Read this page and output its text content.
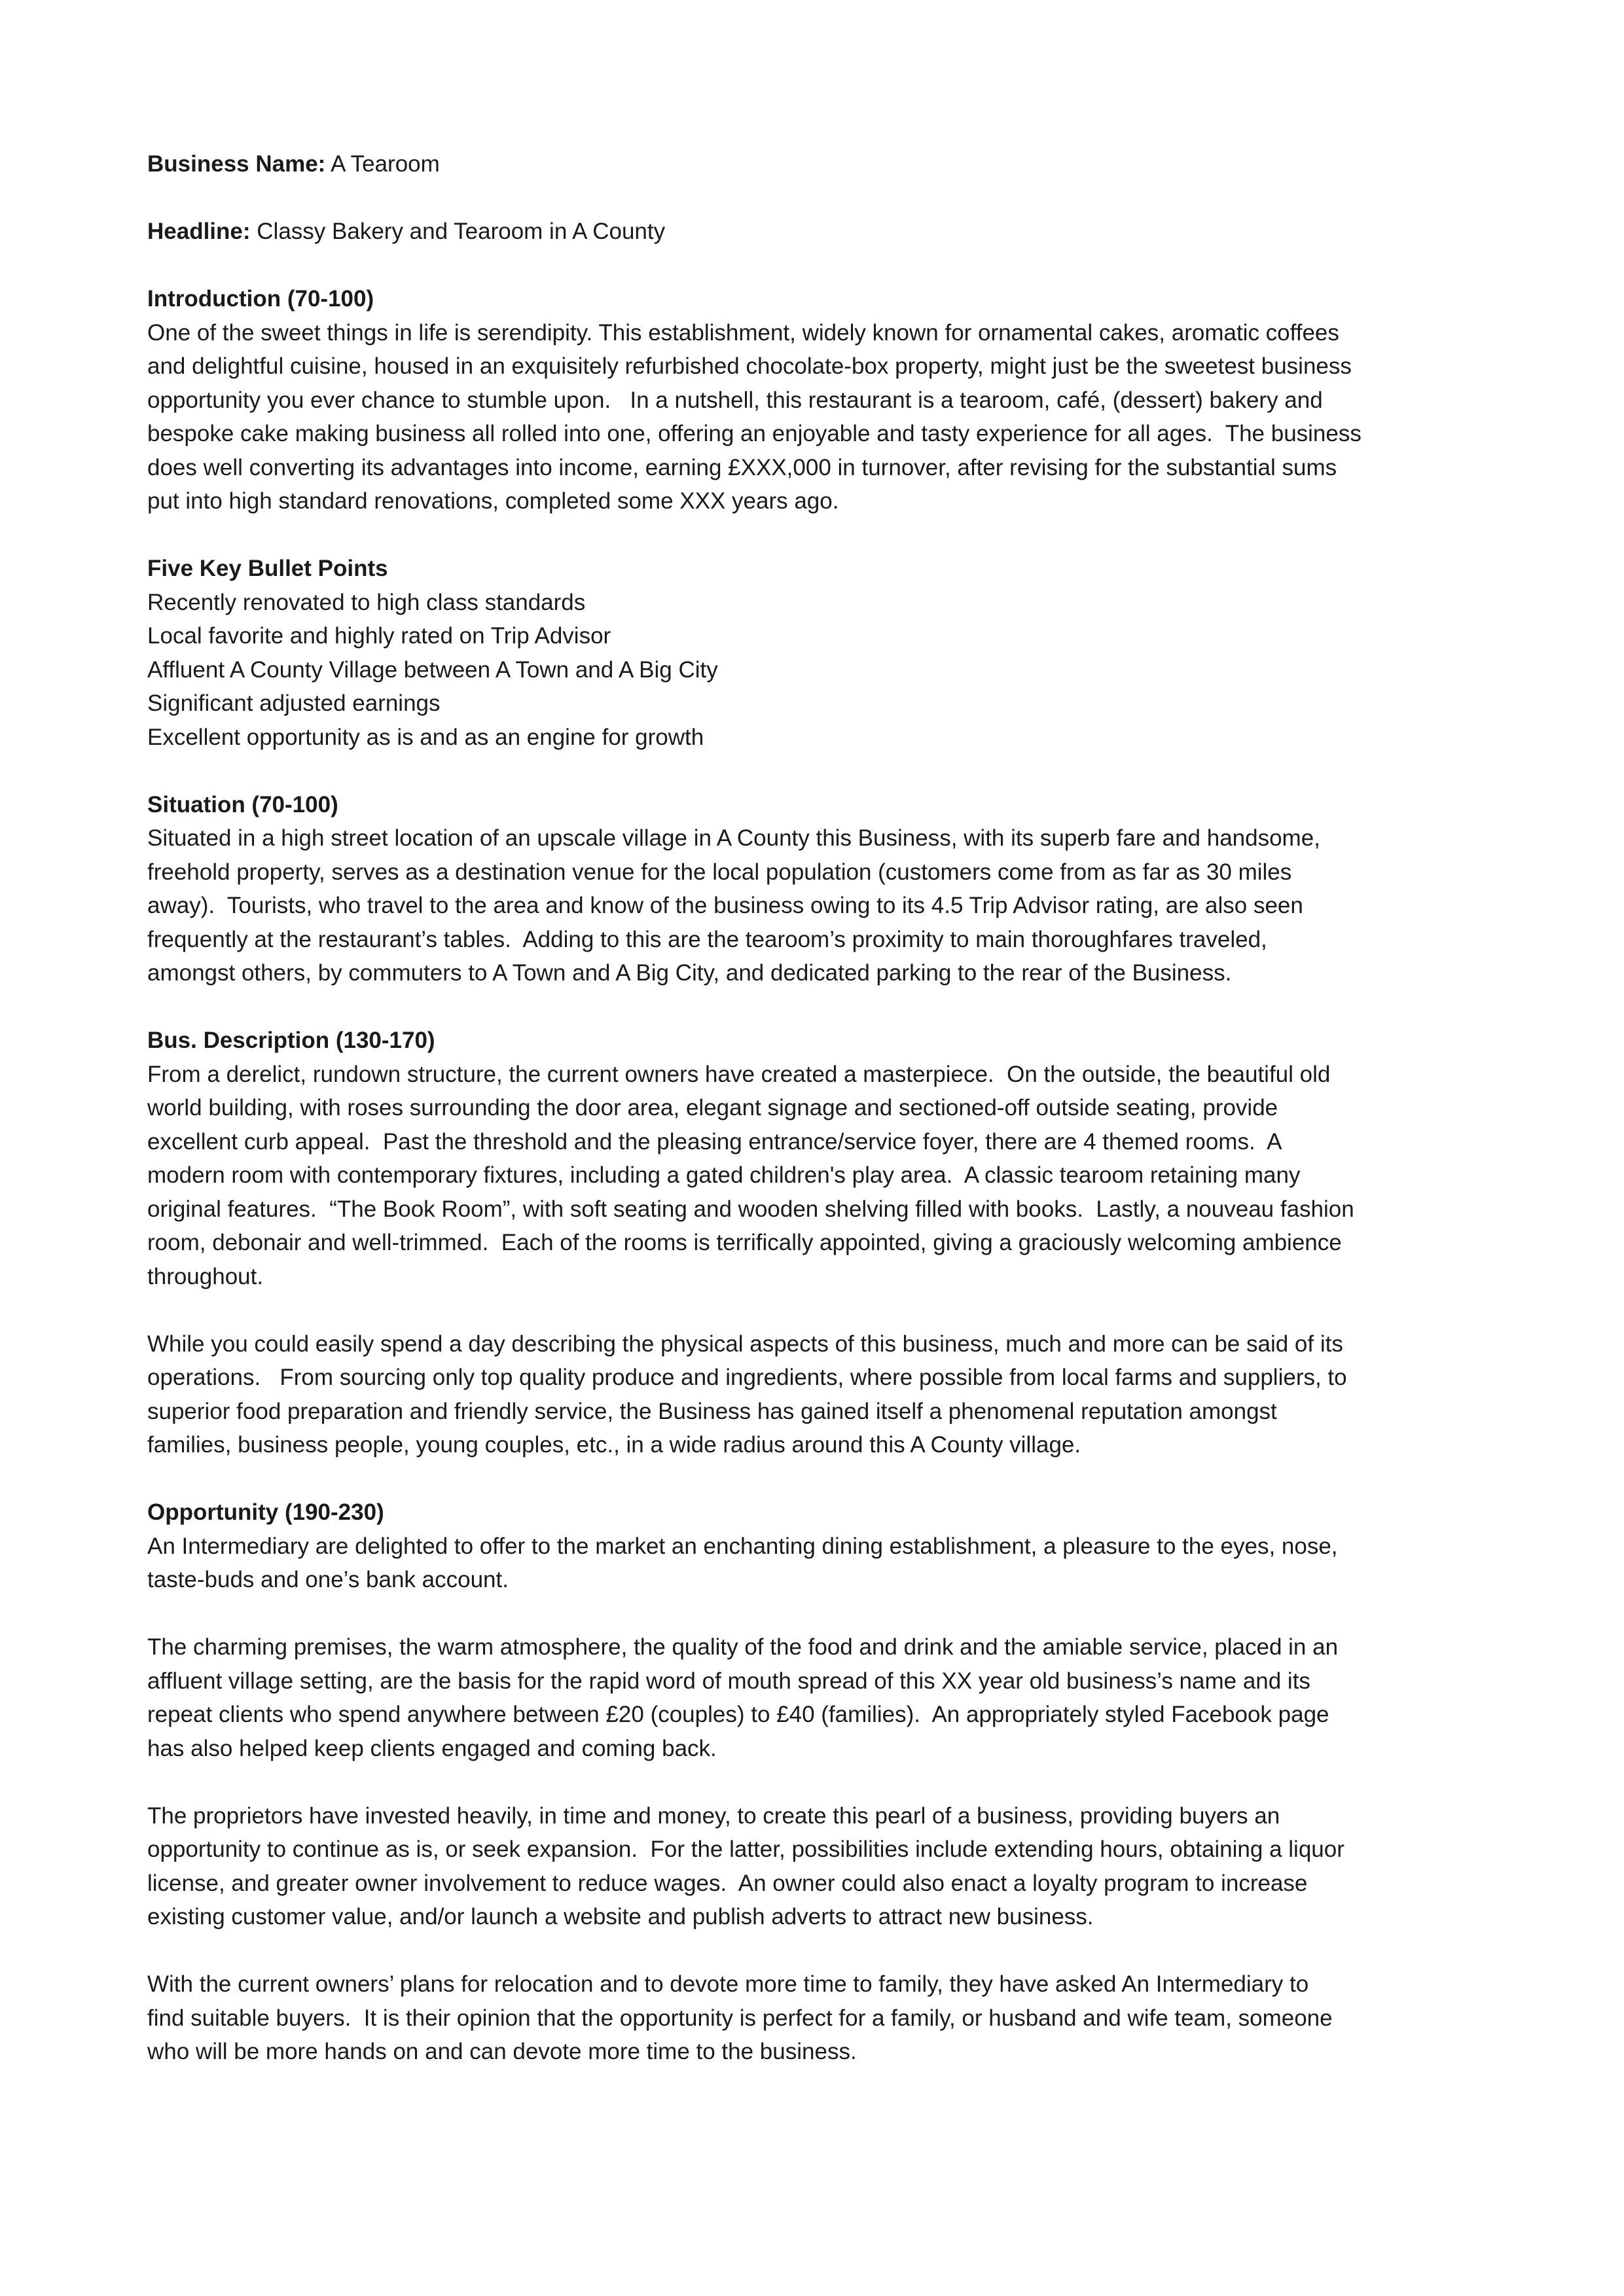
Business Name: A Tearoom

Headline: Classy Bakery and Tearoom in A County

Introduction (70-100)

One of the sweet things in life is serendipity. This establishment, widely known for ornamental cakes, aromatic coffees

and delightful cuisine, housed in an exquisitely refurbished chocolate-box property, might just be the sweetest business

opportunity you ever chance to stumble upon.   In a nutshell, this restaurant is a tearoom, café, (dessert) bakery and

bespoke cake making business all rolled into one, offering an enjoyable and tasty experience for all ages.  The business

does well converting its advantages into income, earning £XXX,000 in turnover, after revising for the substantial sums

put into high standard renovations, completed some XXX years ago.

Five Key Bullet Points

Recently renovated to high class standards

Local favorite and highly rated on Trip Advisor

Affluent A County Village between A Town and A Big City

Significant adjusted earnings

Excellent opportunity as is and as an engine for growth

Situation (70-100)

Situated in a high street location of an upscale village in A County this Business, with its superb fare and handsome,

freehold property, serves as a destination venue for the local population (customers come from as far as 30 miles

away).  Tourists, who travel to the area and know of the business owing to its 4.5 Trip Advisor rating, are also seen

frequently at the restaurant’s tables.  Adding to this are the tearoom’s proximity to main thoroughfares traveled,

amongst others, by commuters to A Town and A Big City, and dedicated parking to the rear of the Business.

Bus. Description (130-170)

From a derelict, rundown structure, the current owners have created a masterpiece.  On the outside, the beautiful old

world building, with roses surrounding the door area, elegant signage and sectioned-off outside seating, provide

excellent curb appeal.  Past the threshold and the pleasing entrance/service foyer, there are 4 themed rooms.  A

modern room with contemporary fixtures, including a gated children's play area.  A classic tearoom retaining many

original features.  “The Book Room”, with soft seating and wooden shelving filled with books.  Lastly, a nouveau fashion

room, debonair and well-trimmed.  Each of the rooms is terrifically appointed, giving a graciously welcoming ambience

throughout.

While you could easily spend a day describing the physical aspects of this business, much and more can be said of its

operations.   From sourcing only top quality produce and ingredients, where possible from local farms and suppliers, to

superior food preparation and friendly service, the Business has gained itself a phenomenal reputation amongst

families, business people, young couples, etc., in a wide radius around this A County village.

Opportunity (190-230)

An Intermediary are delighted to offer to the market an enchanting dining establishment, a pleasure to the eyes, nose,

taste-buds and one’s bank account.

The charming premises, the warm atmosphere, the quality of the food and drink and the amiable service, placed in an

affluent village setting, are the basis for the rapid word of mouth spread of this XX year old business’s name and its

repeat clients who spend anywhere between £20 (couples) to £40 (families).  An appropriately styled Facebook page

has also helped keep clients engaged and coming back.

The proprietors have invested heavily, in time and money, to create this pearl of a business, providing buyers an

opportunity to continue as is, or seek expansion.  For the latter, possibilities include extending hours, obtaining a liquor

license, and greater owner involvement to reduce wages.  An owner could also enact a loyalty program to increase

existing customer value, and/or launch a website and publish adverts to attract new business.

With the current owners’ plans for relocation and to devote more time to family, they have asked An Intermediary to

find suitable buyers.  It is their opinion that the opportunity is perfect for a family, or husband and wife team, someone

who will be more hands on and can devote more time to the business.
